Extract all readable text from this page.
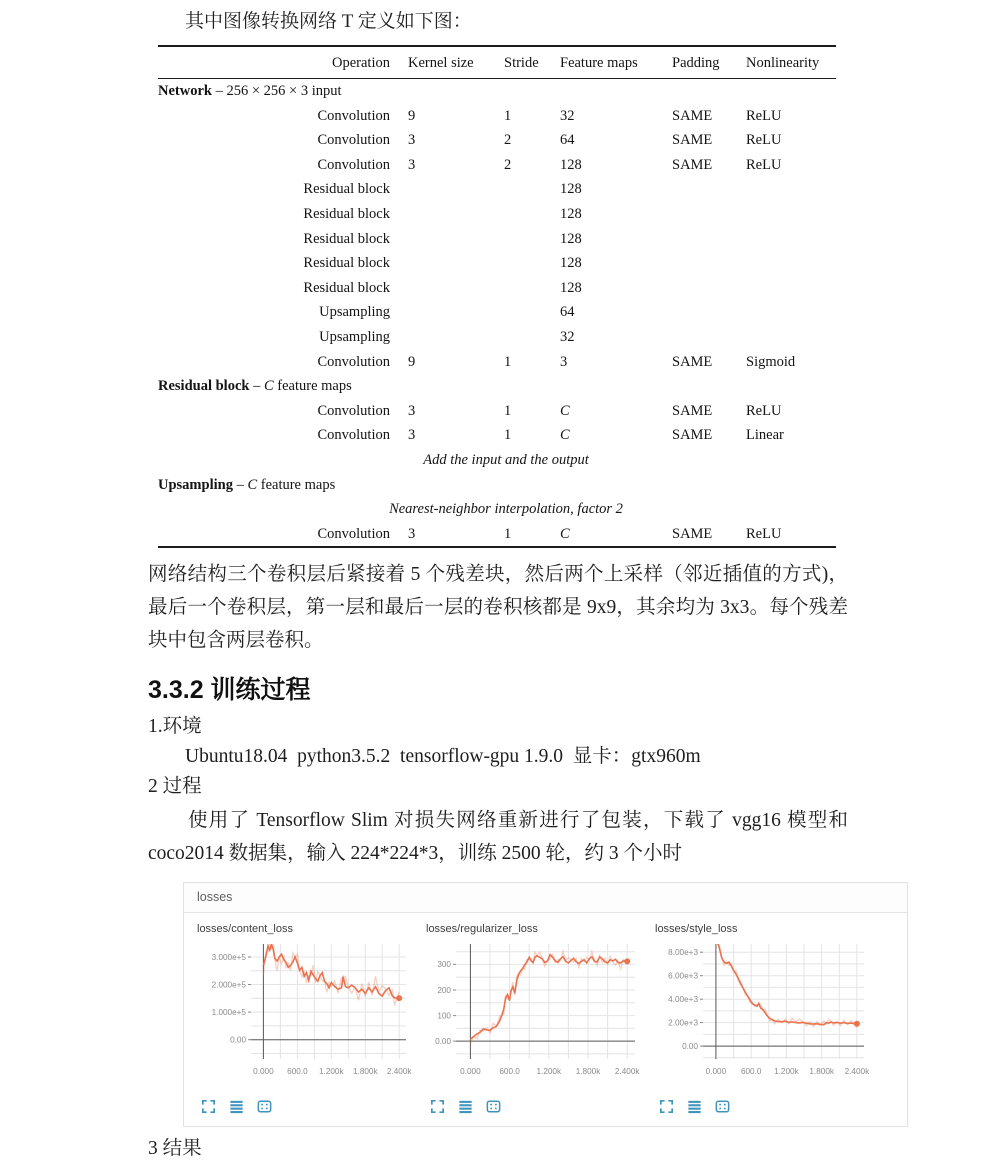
其中图像转换网络 T 定义如下图：

Operation	Kernel size	Stride	Feature maps	Padding	Nonlinearity
Network – 256 × 256 × 3 input					
Convolution	9	1	32	SAME	ReLU
Convolution	3	2	64	SAME	ReLU
Convolution	3	2	128	SAME	ReLU
Residual block			128		
Residual block			128		
Residual block			128		
Residual block			128		
Residual block			128		
Upsampling			64		
Upsampling			32		
Convolution	9	1	3	SAME	Sigmoid
Residual block – C feature maps					
Convolution	3	1	C	SAME	ReLU
Convolution	3	1	C	SAME	Linear
Add the input and the output					
Upsampling – C feature maps					
Nearest-neighbor interpolation, factor 2					
Convolution	3	1	C	SAME	ReLU

网络结构三个卷积层后紧接着 5 个残差块，然后两个上采样（邻近插值的方式)，最后一个卷积层，第一层和最后一层的卷积核都是 9x9，其余均为 3x3。每个残差块中包含两层卷积。

3.3.2 训练过程

1.环境

Ubuntu18.04  python3.5.2  tensorflow-gpu 1.9.0  显卡：gtx960m

2 过程

使用了 Tensorflow Slim 对损失网络重新进行了包装，下载了 vgg16 模型和 coco2014 数据集，输入 224*224*3，训练 2500 轮，约 3 个小时

losses
losses/content_loss
0.00
1.000e+5
2.000e+5
3.000e+5
0.000 600.0 1.200k 1.800k 2.400k
losses/regularizer_loss
0.00
100
200
300
0.000 600.0 1.200k 1.800k 2.400k
losses/style_loss
0.00
2.00e+3
4.00e+3
6.00e+3
8.00e+3
0.000 600.0 1.200k 1.800k 2.400k

3 结果
